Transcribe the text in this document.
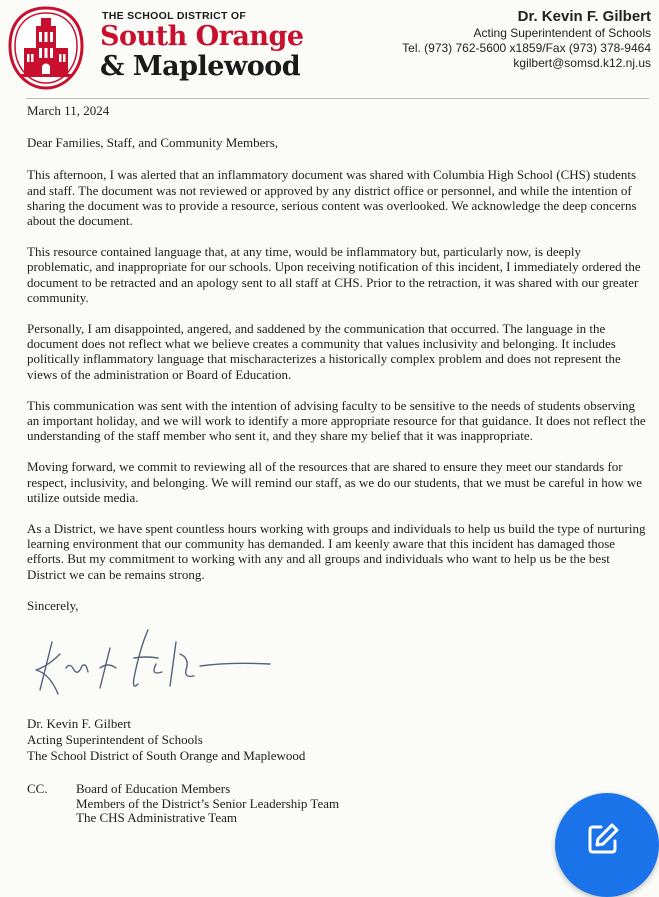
THE SCHOOL DISTRICT OF
South Orange
& Maplewood
Dr. Kevin F. Gilbert
Acting Superintendent of Schools
Tel. (973) 762-5600 x1859/Fax (973) 378-9464
kgilbert@somsd.k12.nj.us

March 11, 2024

Dear Families, Staff, and Community Members,

This afternoon, I was alerted that an inflammatory document was shared with Columbia High School (CHS) students and staff. The document was not reviewed or approved by any district office or personnel, and while the intention of sharing the document was to provide a resource, serious content was overlooked. We acknowledge the deep concerns about the document.

This resource contained language that, at any time, would be inflammatory but, particularly now, is deeply problematic, and inappropriate for our schools. Upon receiving notification of this incident, I immediately ordered the document to be retracted and an apology sent to all staff at CHS. Prior to the retraction, it was shared with our greater community.

Personally, I am disappointed, angered, and saddened by the communication that occurred. The language in the document does not reflect what we believe creates a community that values inclusivity and belonging. It includes politically inflammatory language that mischaracterizes a historically complex problem and does not represent the views of the administration or Board of Education.

This communication was sent with the intention of advising faculty to be sensitive to the needs of students observing an important holiday, and we will work to identify a more appropriate resource for that guidance. It does not reflect the understanding of the staff member who sent it, and they share my belief that it was inappropriate.

Moving forward, we commit to reviewing all of the resources that are shared to ensure they meet our standards for respect, inclusivity, and belonging. We will remind our staff, as we do our students, that we must be careful in how we utilize outside media.

As a District, we have spent countless hours working with groups and individuals to help us build the type of nurturing learning environment that our community has demanded. I am keenly aware that this incident has damaged those efforts. But my commitment to working with any and all groups and individuals who want to help us be the best District we can be remains strong.

Sincerely,

Dr. Kevin F. Gilbert
Acting Superintendent of Schools
The School District of South Orange and Maplewood
CC. Board of Education Members
Members of the District’s Senior Leadership Team
The CHS Administrative Team
